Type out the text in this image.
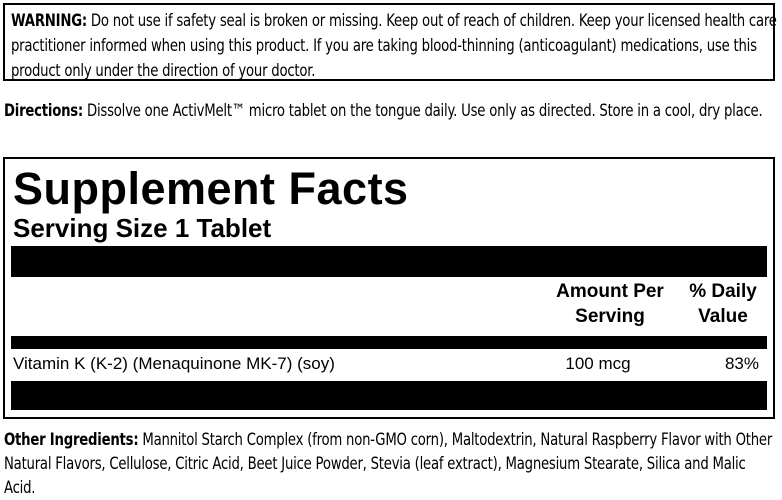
WARNING: Do not use if safety seal is broken or missing. Keep out of reach of children. Keep your licensed health care practitioner informed when using this product. If you are taking blood-thinning (anticoagulant) medications, use this product only under the direction of your doctor.
Directions: Dissolve one ActivMelt™ micro tablet on the tongue daily. Use only as directed. Store in a cool, dry place.
Supplement Facts
Serving Size 1 Tablet
Amount Per Serving
% Daily Value
Vitamin K (K-2) (Menaquinone MK-7) (soy)	100 mcg	83%
Other Ingredients: Mannitol Starch Complex (from non-GMO corn), Maltodextrin, Natural Raspberry Flavor with Other Natural Flavors, Cellulose, Citric Acid, Beet Juice Powder, Stevia (leaf extract), Magnesium Stearate, Silica and Malic Acid.
